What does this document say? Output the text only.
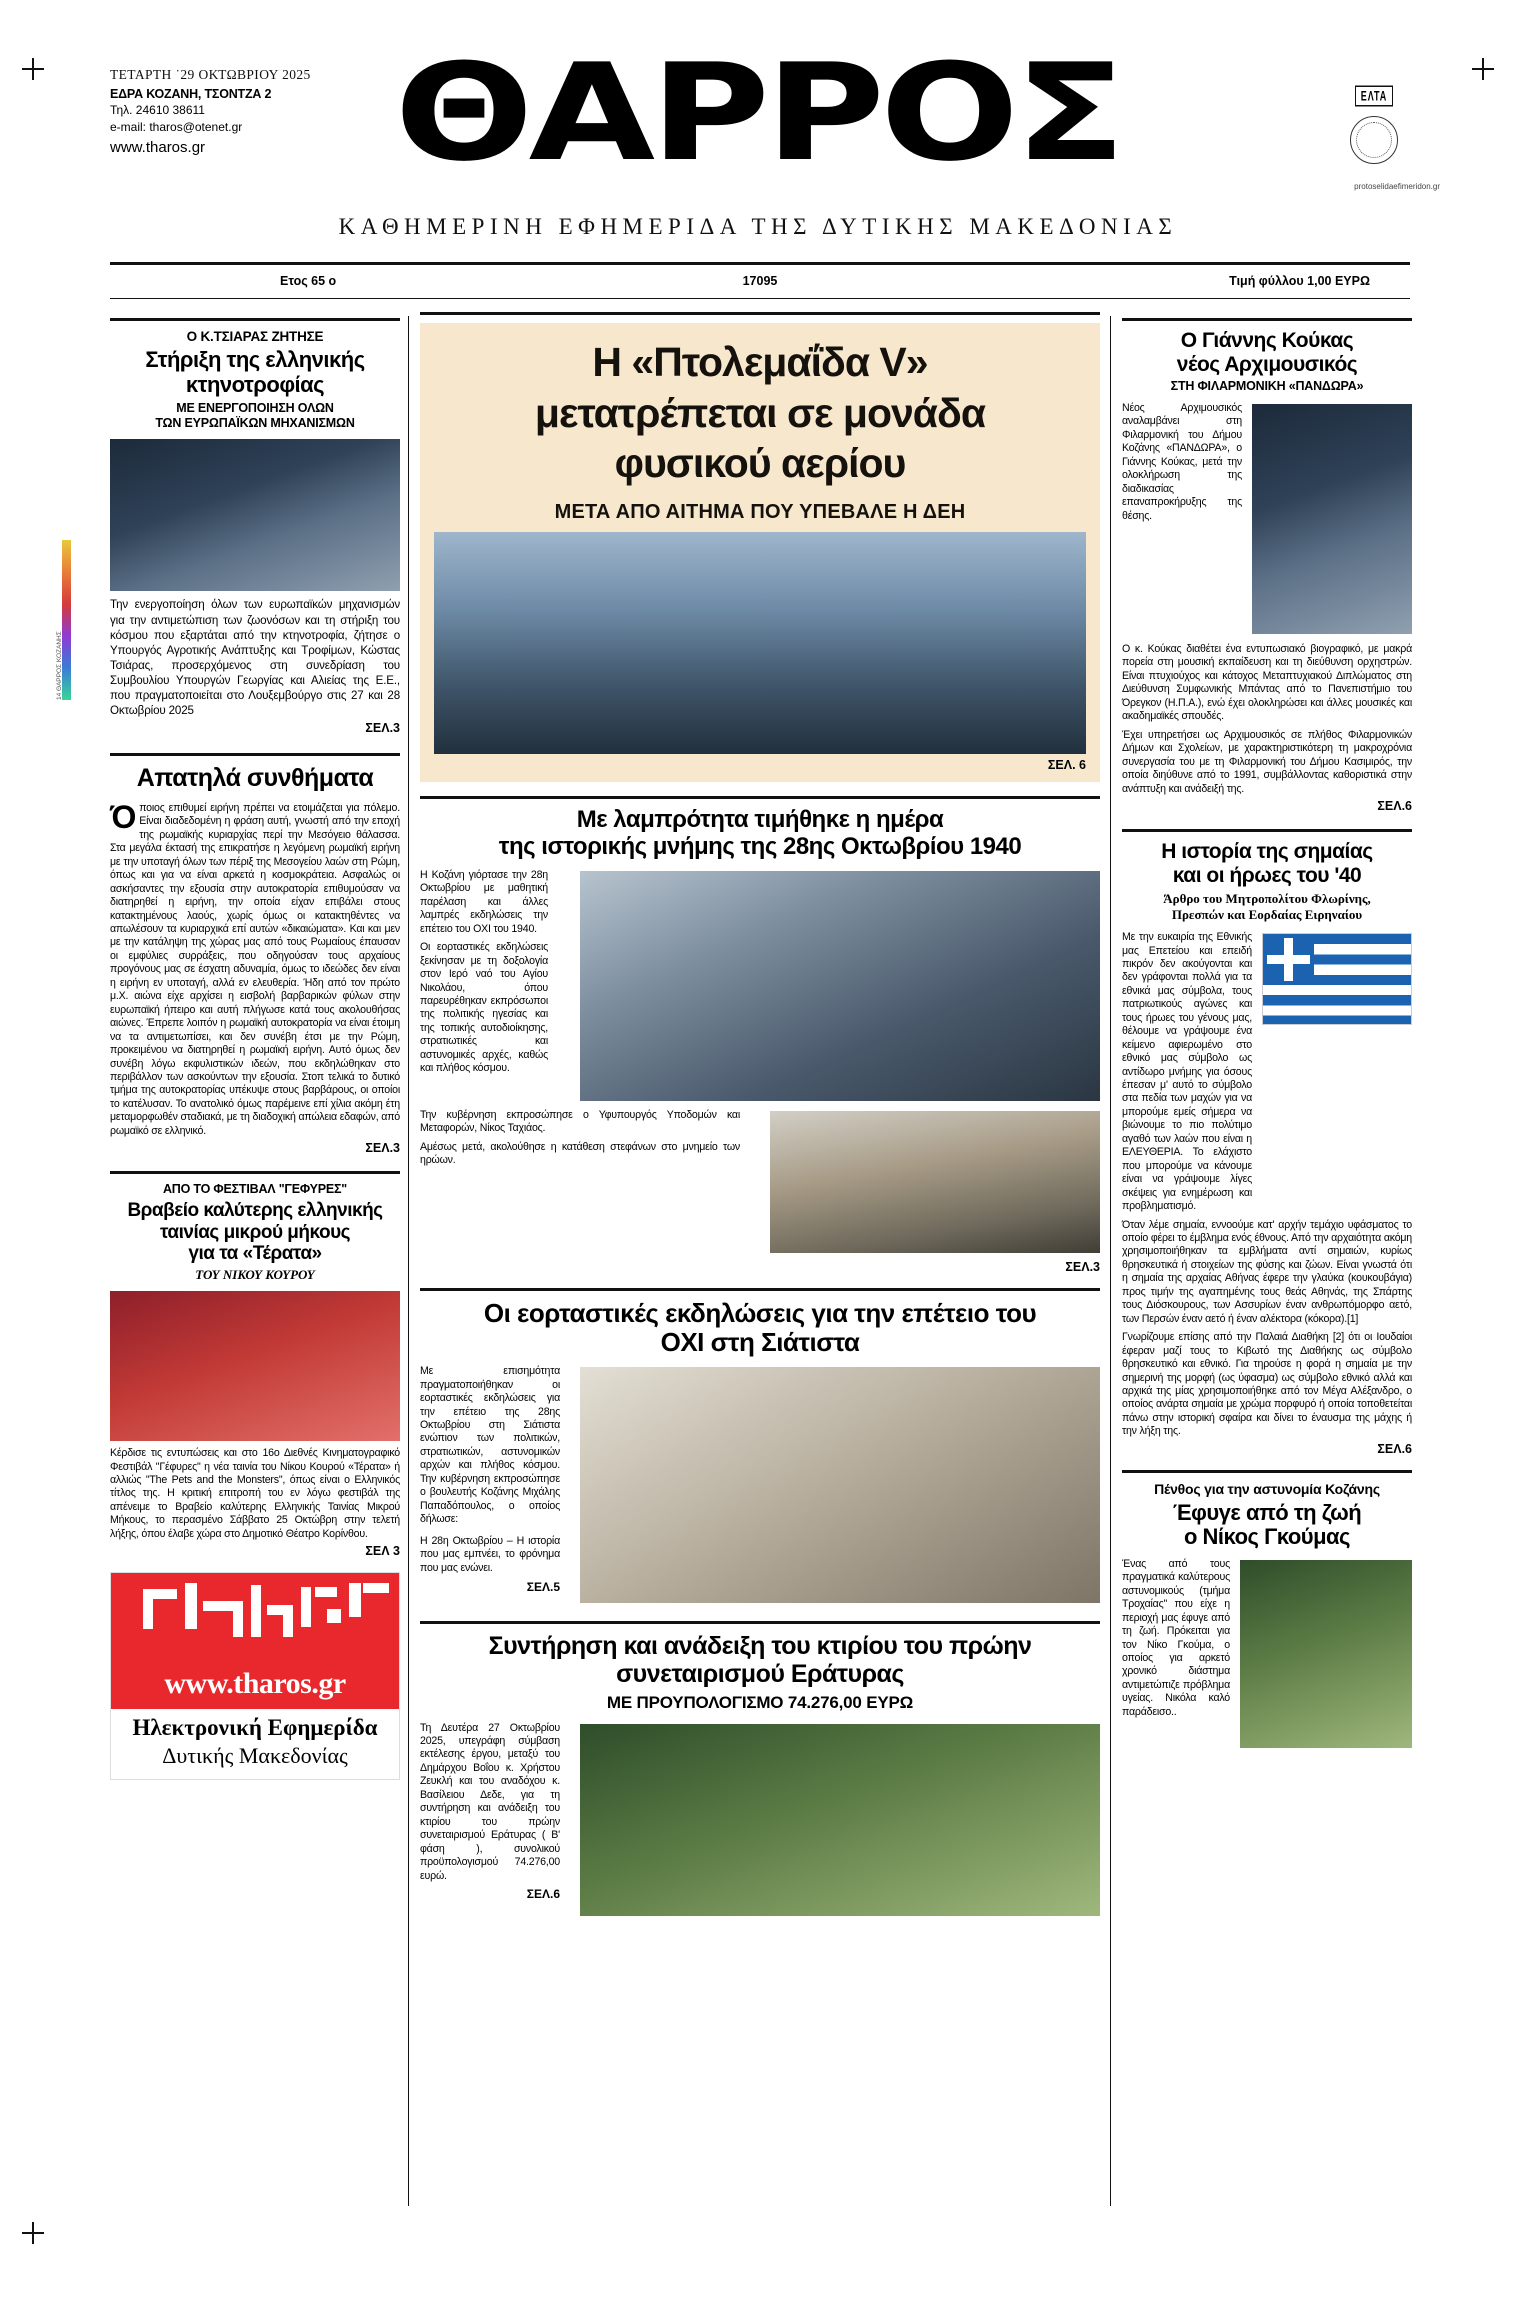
ΤΕΤΑΡΤΗ ˙29 ΟΚΤΩΒΡΙΟΥ 2025
ΕΔΡΑ ΚΟΖΑΝΗ, ΤΣΟΝΤΖΑ 2
Τηλ. 24610 38611
e-mail: tharos@otenet.gr
www.tharos.gr	ΘΑΡΡΟΣ	ΕΛΤΑ
protoselidaefimeridon.gr
ΚΑΘΗΜΕΡΙΝΗ ΕΦΗΜΕΡΙΔΑ ΤΗΣ ΔΥΤΙΚΗΣ ΜΑΚΕΔΟΝΙΑΣ
Ετος 65 ο	17095	Τιμή φύλλου 1,00 ΕΥΡΩ
14 ΘΑΡΡΟΣ ΚΟΖΑΝΗΣ
Ο Κ.ΤΣΙΑΡΑΣ ΖΗΤΗΣΕ
Στήριξη της ελληνικής
κτηνοτροφίας
ΜΕ ΕΝΕΡΓΟΠΟΙΗΣΗ ΟΛΩΝ
ΤΩΝ ΕΥΡΩΠΑΪΚΩΝ ΜΗΧΑΝΙΣΜΩΝ
Την ενεργοποίηση όλων των ευρωπαϊκών μηχανισμών για την αντιμετώπιση των ζωονόσων και τη στήριξη του κόσμου που εξαρτάται από την κτηνοτροφία, ζήτησε ο Υπουργός Αγροτικής Ανάπτυξης και Τροφίμων, Κώστας Τσιάρας, προσερχόμενος στη συνεδρίαση του Συμβουλίου Υπουργών Γεωργίας και Αλιείας της Ε.Ε., που πραγματοποιείται στο Λουξεμβούργο στις 27 και 28 Οκτωβρίου 2025
ΣΕΛ.3
Απατηλά συνθήματα
Όποιος επιθυμεί ειρήνη πρέπει να ετοιμάζεται για πόλεμο. Είναι διαδεδομένη η φράση αυτή, γνωστή από την εποχή της ρωμαϊκής κυριαρχίας περί την Μεσόγειο θάλασσα. Στα μεγάλα έκτασή της επικρατήσε η λεγόμενη ρωμαϊκή ειρήνη με την υποταγή όλων των πέριξ της Μεσογείου λαών στη Ρώμη, όπως και για να είναι αρκετά η κοσμοκράτεια. Ασφαλώς οι ασκήσαντες την εξουσία στην αυτοκρατορία επιθυμούσαν να διατηρηθεί η ειρήνη, την οποία είχαν επιβάλει στους κατακτημένους λαούς, χωρίς όμως οι κατακτηθέντες να απωλέσουν τα κυριαρχικά επί αυτών «δικαιώματα». Και και μεν με την κατάληψη της χώρας μας από τους Ρωμαίους έπαυσαν οι εμφύλιες συρράξεις, που οδηγούσαν τους αρχαίους προγόνους μας σε έσχατη αδυναμία, όμως το ιδεώδες δεν είναι η ειρήνη εν υποταγή, αλλά εν ελευθερία. Ήδη από τον πρώτο μ.Χ. αιώνα είχε αρχίσει η εισβολή βαρβαρικών φύλων στην ευρωπαϊκή ήπειρο και αυτή πλήγωσε κατά τους ακολουθήσας αιώνες. Έπρεπε λοιπόν η ρωμαϊκή αυτοκρατορία να είναι έτοιμη να τα αντιμετωπίσει, και δεν συνέβη έτσι με την Ρώμη, προκειμένου να διατηρηθεί η ρωμαϊκή ειρήνη. Αυτό όμως δεν συνέβη λόγω εκφυλιστικών ιδεών, που εκδηλώθηκαν στο περιβάλλον των ασκούντων την εξουσία. Στοπ τελικά το δυτικό τμήμα της αυτοκρατορίας υπέκυψε στους βαρβάρους, οι οποίοι το κατέλυσαν. Το ανατολικό όμως παρέμεινε επί χίλια ακόμη έτη μεταμορφωθέν σταδιακά, με τη διαδοχική απώλεια εδαφών, από ρωμαϊκό σε ελληνικό.
ΣΕΛ.3
ΑΠΟ ΤΟ ΦΕΣΤΙΒΑΛ "ΓΕΦΥΡΕΣ"
Βραβείο καλύτερης ελληνικής
ταινίας μικρού μήκους
για τα «Τέρατα»
ΤΟΥ ΝΙΚΟΥ ΚΟΥΡΟΥ
Κέρδισε τις εντυπώσεις και στο 16ο Διεθνές Κινηματογραφικό Φεστιβάλ "Γέφυρες" η νέα ταινία του Νίκου Κουρού «Τέρατα» ή αλλιώς "The Pets and the Monsters", όπως είναι ο Ελληνικός τίτλος της. Η κριτική επιτροπή του εν λόγω φεστιβάλ της απένειμε το Βραβείο καλύτερης Ελληνικής Ταινίας Μικρού Μήκους, το περασμένο Σάββατο 25 Οκτώβρη στην τελετή λήξης, όπου έλαβε χώρα στο Δημοτικό Θέατρο Κορίνθου.
ΣΕΛ 3
www.tharos.gr
Ηλεκτρονική Εφημερίδα
Δυτικής Μακεδονίας
Η «Πτολεμαΐδα V»
μετατρέπεται σε μονάδα
φυσικού αερίου
ΜΕΤΑ ΑΠΟ ΑΙΤΗΜΑ ΠΟΥ ΥΠΕΒΑΛΕ Η ΔΕΗ
ΣΕΛ. 6
Με λαμπρότητα τιμήθηκε η ημέρα
της ιστορικής μνήμης της 28ης Οκτωβρίου 1940
Η Κοζάνη γιόρτασε την 28η Οκτωβρίου με μαθητική παρέλαση και άλλες λαμπρές εκδηλώσεις την επέτειο του ΟΧΙ του 1940.
Οι εορταστικές εκδηλώσεις ξεκίνησαν με τη δοξολογία στον Ιερό ναό του Αγίου Νικολάου, όπου παρευρέθηκαν εκπρόσωποι της πολιτικής ηγεσίας και της τοπικής αυτοδιοίκησης, στρατιωτικές και αστυνομικές αρχές, καθώς και πλήθος κόσμου.
Την κυβέρνηση εκπροσώπησε ο Υφυπουργός Υποδομών και Μεταφορών, Νίκος Ταχιάος.
Αμέσως μετά, ακολούθησε η κατάθεση στεφάνων στο μνημείο των ηρώων.
ΣΕΛ.3
Οι εορταστικές εκδηλώσεις για την επέτειο του
ΟΧΙ στη Σιάτιστα
Με επισημότητα πραγματοποιήθηκαν οι εορταστικές εκδηλώσεις για την επέτειο της 28ης Οκτωβρίου στη Σιάτιστα ενώπιον των πολιτικών, στρατιωτικών, αστυνομικών αρχών και πλήθος κόσμου. Την κυβέρνηση εκπροσώπησε ο βουλευτής Κοζάνης Μιχάλης Παπαδόπουλος, ο οποίος δήλωσε:
Η 28η Οκτωβρίου – Η ιστορία που μας εμπνέει, το φρόνημα που μας ενώνει.
ΣΕΛ.5
Συντήρηση και ανάδειξη του κτιρίου του πρώην
συνεταιρισμού Εράτυρας
ΜΕ ΠΡΟΥΠΟΛΟΓΙΣΜΟ 74.276,00 ΕΥΡΩ
Τη Δευτέρα 27 Οκτωβρίου 2025, υπεγράφη σύμβαση εκτέλεσης έργου, μεταξύ του Δημάρχου Βοΐου κ. Χρήστου Ζευκλή και του αναδόχου κ. Βασίλειου Δεδε, για τη συντήρηση και ανάδειξη του κτιρίου του πρώην συνεταιρισμού Εράτυρας ( Β' φάση ), συνολικού προϋπολογισμού 74.276,00 ευρώ.
ΣΕΛ.6
Ο Γιάννης Κούκας
νέος Αρχιμουσικός
ΣΤΗ ΦΙΛΑΡΜΟΝΙΚΗ «ΠΑΝΔΩΡΑ»
Νέος Αρχιμουσικός αναλαμβάνει στη Φιλαρμονική του Δήμου Κοζάνης «ΠΑΝΔΩΡΑ», ο Γιάννης Κούκας, μετά την ολοκλήρωση της διαδικασίας επαναπροκήρυξης της θέσης.
Ο κ. Κούκας διαθέτει ένα εντυπωσιακό βιογραφικό, με μακρά πορεία στη μουσική εκπαίδευση και τη διεύθυνση ορχηστρών. Είναι πτυχιούχος και κάτοχος Μεταπτυχιακού Διπλώματος στη Διεύθυνση Συμφωνικής Μπάντας από το Πανεπιστήμιο του Όρεγκον (Η.Π.Α.), ενώ έχει ολοκληρώσει και άλλες μουσικές και ακαδημαϊκές σπουδές.
Έχει υπηρετήσει ως Αρχιμουσικός σε πλήθος Φιλαρμονικών Δήμων και Σχολείων, με χαρακτηριστικότερη τη μακροχρόνια συνεργασία του με τη Φιλαρμονική του Δήμου Κασιμιρός, την οποία διηύθυνε από το 1991, συμβάλλοντας καθοριστικά στην ανάπτυξη και ανάδειξή της.
ΣΕΛ.6
Η ιστορία της σημαίας
και οι ήρωες του '40
Άρθρο του Μητροπολίτου Φλωρίνης,
Πρεσπών και Εορδαίας Ειρηναίου
Με την ευκαιρία της Εθνικής μας Επετείου και επειδή πικρόν δεν ακούγονται και δεν γράφονται πολλά για τα εθνικά μας σύμβολα, τους πατριωτικούς αγώνες και τους ήρωες του γένους μας, θέλουμε να γράψουμε ένα κείμενο αφιερωμένο στο εθνικό μας σύμβολο ως αντίδωρο μνήμης για όσους έπεσαν μ' αυτό το σύμβολο στα πεδία των μαχών για να μπορούμε εμείς σήμερα να βιώνουμε το πιο πολύτιμο αγαθό των λαών που είναι η ΕΛΕΥΘΕΡΙΑ. Το ελάχιστο που μπορούμε να κάνουμε είναι να γράψουμε λίγες σκέψεις για ενημέρωση και προβληματισμό.
Όταν λέμε σημαία, εννοούμε κατ' αρχήν τεμάχιο υφάσματος το οποίο φέρει το έμβλημα ενός έθνους. Από την αρχαιότητα ακόμη χρησιμοποιήθηκαν τα εμβλήματα αντί σημαιών, κυρίως θρησκευτικά ή στοιχείων της φύσης και ζώων. Είναι γνωστά ότι η σημαία της αρχαίας Αθήνας έφερε την γλαύκα (κουκουβάγια) προς τιμήν της αγαπημένης τους θεάς Αθηνάς, της Σπάρτης τους Διόσκουρους, των Ασσυρίων έναν ανθρωπόμορφο αετό, των Περσών έναν αετό ή έναν αλέκτορα (κόκορα).[1]
Γνωρίζουμε επίσης από την Παλαιά Διαθήκη [2] ότι οι Ιουδαίοι έφεραν μαζί τους το Κιβωτό της Διαθήκης ως σύμβολο θρησκευτικό και εθνικό. Για τηρούσε η φορά η σημαία με την σημερινή της μορφή (ως ύφασμα) ως σύμβολο εθνικό αλλά και αρχικά της μίας χρησιμοποιήθηκε από τον Μέγα Αλέξανδρο, ο οποίος ανάρτα σημαία με χρώμα πορφυρό ή οποία τοποθετείται πάνω στην ιστορική σφαίρα και δίνει το έναυσμα της μάχης ή την λήξη της.
ΣΕΛ.6
Πένθος για την αστυνομία Κοζάνης
Έφυγε από τη ζωή
ο Νίκος Γκούμας
Ένας από τους πραγματικά καλύτερους αστυνομικούς (τμήμα Τροχαίας" που είχε η περιοχή μας έφυγε από τη ζωή. Πρόκειται για τον Νίκο Γκούμα, ο οποίος για αρκετό χρονικό διάστημα αντιμετώπιζε πρόβλημα υγείας. Νικόλα καλό παράδεισο..
